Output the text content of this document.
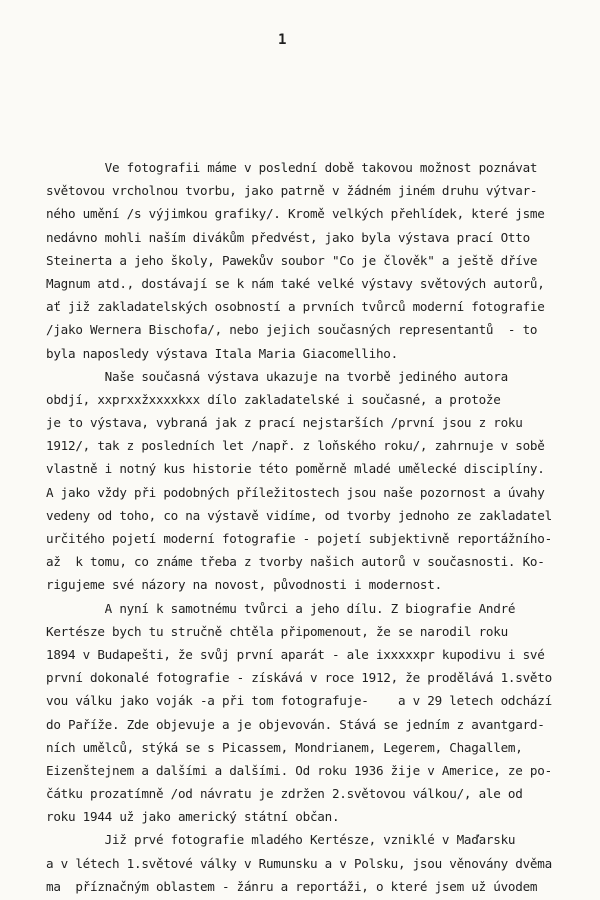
1
Ve fotografii máme v poslední době takovou možnost poznávat
světovou vrcholnou tvorbu, jako patrně v žádném jiném druhu výtvar-
ného umění /s výjimkou grafiky/. Kromě velkých přehlídek, které jsme
nedávno mohli naším divákům předvést, jako byla výstava prací Otto
Steinerta a jeho školy, Pawekův soubor "Co je člověk" a ještě dříve
Magnum atd., dostávají se k nám také velké výstavy světových autorů,
ať již zakladatelských osobností a prvních tvůrců moderní fotografie
/jako Wernera Bischofa/, nebo jejich současných representantů  - to
byla naposledy výstava Itala Maria Giacomelliho.
Naše současná výstava ukazuje na tvorbě jediného autora
obdjí, xxprxxžxxxxkxx dílo zakladatelské i současné, a protože
je to výstava, vybraná jak z prací nejstarších /první jsou z roku
1912/, tak z posledních let /např. z loňského roku/, zahrnuje v sobě
vlastně i notný kus historie této poměrně mladé umělecké disciplíny.
A jako vždy při podobných příležitostech jsou naše pozornost a úvahy
vedeny od toho, co na výstavě vidíme, od tvorby jednoho ze zakladatel
určitého pojetí moderní fotografie - pojetí subjektivně reportážního-
až  k tomu, co známe třeba z tvorby našich autorů v současnosti. Ko-
rigujeme své názory na novost, původnosti i modernost.
A nyní k samotnému tvůrci a jeho dílu. Z biografie André
Kertésze bych tu stručně chtěla připomenout, že se narodil roku
1894 v Budapešti, že svůj první aparát - ale ixxxxxpr kupodivu i své
první dokonalé fotografie - získává v roce 1912, že prodělává 1.světo
vou válku jako voják -a při tom fotografuje-    a v 29 letech odchází
do Paříže. Zde objevuje a je objevován. Stává se jedním z avantgard-
ních umělců, stýká se s Picassem, Mondrianem, Legerem, Chagallem,
Eizenštejnem a dalšími a dalšími. Od roku 1936 žije v Americe, ze po-
čátku prozatímně /od návratu je zdržen 2.světovou válkou/, ale od
roku 1944 už jako americký státní občan.
Již prvé fotografie mladého Kertésze, vzniklé v Maďarsku
a v létech 1.světové války v Rumunsku a v Polsku, jsou věnovány dvěma
ma  příznačným oblastem - žánru a reportáži, o které jsem už úvodem
